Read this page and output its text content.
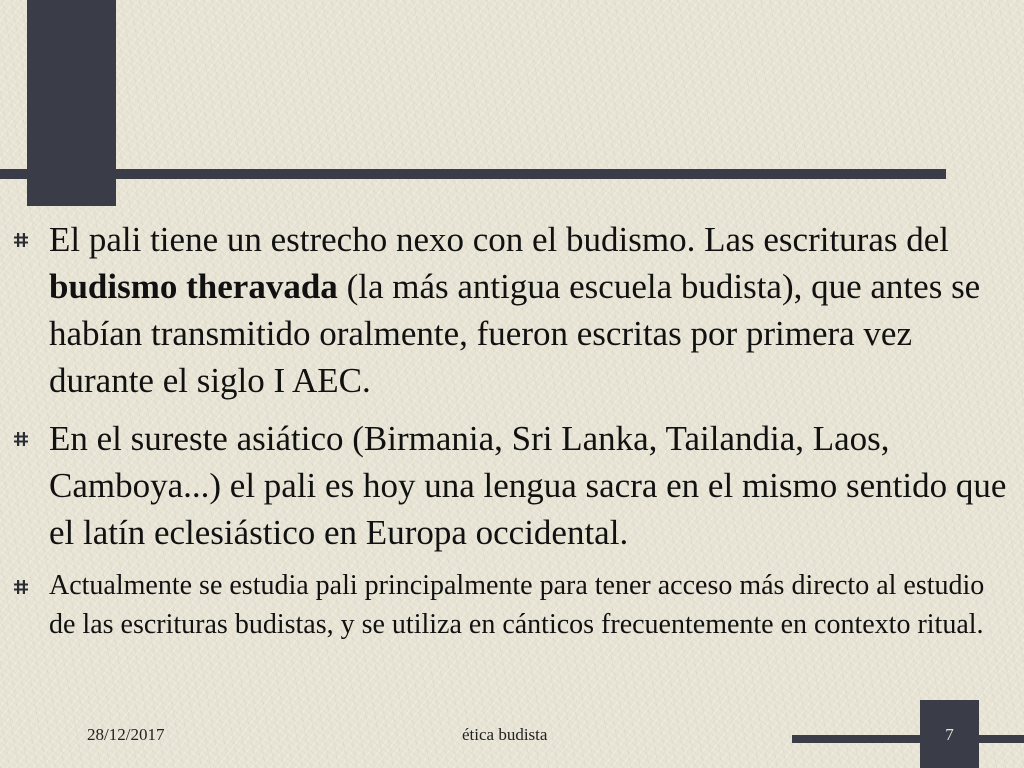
El pali tiene un estrecho nexo con el budismo. Las escrituras del budismo theravada (la más antigua escuela budista), que antes se habían transmitido oralmente, fueron escritas por primera vez durante el siglo I AEC.

En el sureste asiático (Birmania, Sri Lanka, Tailandia, Laos, Camboya...) el pali es hoy una lengua sacra en el mismo sentido que el latín eclesiástico en Europa occidental.

Actualmente se estudia pali principalmente para tener acceso más directo al estudio de las escrituras budistas, y se utiliza en cánticos frecuentemente en contexto ritual.

28/12/2017	ética budista	7
